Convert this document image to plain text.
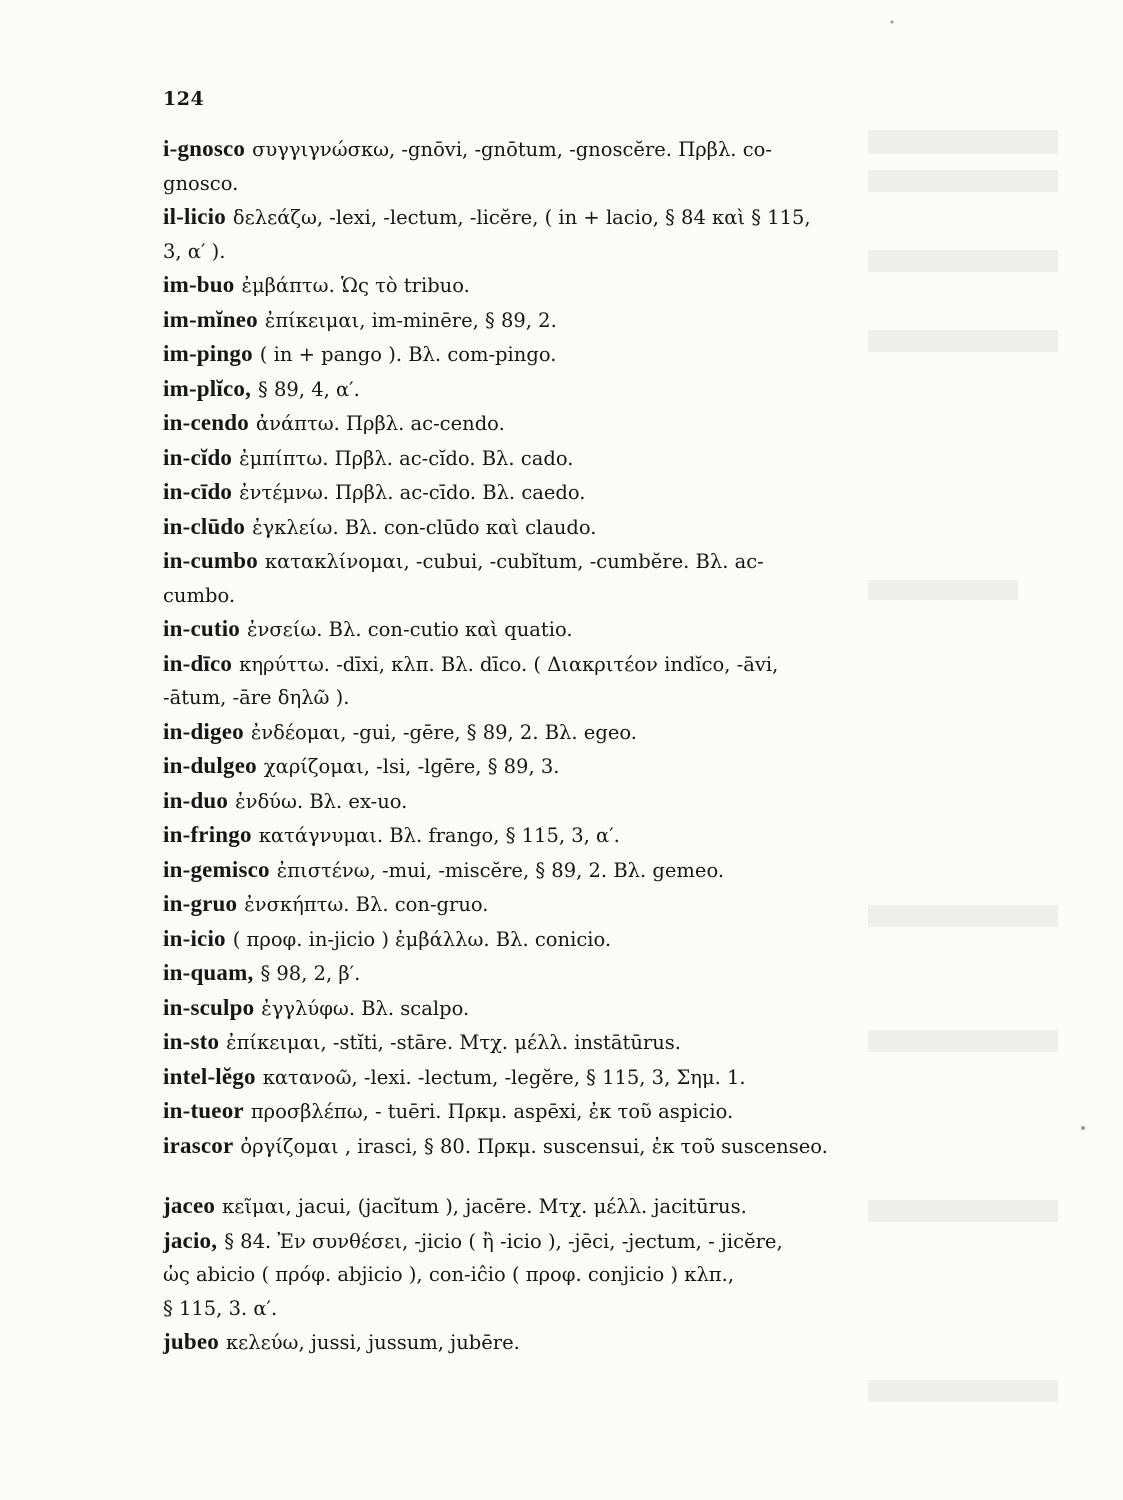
124
i-gnosco συγγιγνώσκω, -gnōvi, -gnōtum, -gnoscĕre. Πρβλ. co-
gnosco.
il-licio δελεάζω, -lexi, -lectum, -licĕre, ( in + lacio, § 84 καὶ § 115,
3, α′ ).
im-buo ἐμβάπτω. Ὡς τὸ tribuo.
im-mĭneo ἐπίκειμαι, im-minēre, § 89, 2.
im-pingo ( in + pango ). Βλ. com-pingo.
im-plĭco, § 89, 4, α′.
in-cendo ἀνάπτω. Πρβλ. ac-cendo.
in-cĭdo ἐμπίπτω. Πρβλ. ac-cĭdo. Βλ. cado.
in-cīdo ἐντέμνω. Πρβλ. ac-cīdo. Βλ. caedo.
in-clūdo ἐγκλείω. Βλ. con-clūdo καὶ claudo.
in-cumbo κατακλίνομαι, -cubui, -cubĭtum, -cumbĕre. Βλ. ac-
cumbo.
in-cutio ἐνσείω. Βλ. con-cutio καὶ quatio.
in-dīco κηρύττω. -dīxi, κλπ. Βλ. dīco. ( Διακριτέον indĭco, -āvi,
-ātum, -āre δηλῶ ).
in-digeo ἐνδέομαι, -gui, -gēre, § 89, 2. Βλ. egeo.
in-dulgeo χαρίζομαι, -lsi, -lgēre, § 89, 3.
in-duo ἐνδύω. Βλ. ex-uo.
in-fringo κατάγνυμαι. Βλ. frango, § 115, 3, α′.
in-gemisco ἐπιστένω, -mui, -miscĕre, § 89, 2. Βλ. gemeo.
in-gruo ἐνσκήπτω. Βλ. con-gruo.
in-icio ( προφ. in-jicio ) ἐμβάλλω. Βλ. conicio.
in-quam, § 98, 2, β′.
in-sculpo ἐγγλύφω. Βλ. scalpo.
in-sto ἐπίκειμαι, -stĭti, -stāre. Μτχ. μέλλ. instātūrus.
intel-lĕgo κατανοῶ, -lexi. -lectum, -legĕre, § 115, 3, Σημ. 1.
in-tueor προσβλέπω, - tuēri. Πρκμ. aspēxi, ἐκ τοῦ aspicio.
irascor ὀργίζομαι , irasci, § 80. Πρκμ. susсensui, ἐκ τοῦ suscenseo.
jaceo κεῖμαι, jacui, (jacĭtum ), jacēre. Μτχ. μέλλ. jacitūrus.
jacio, § 84. Ἐν συνθέσει, -jicio ( ἢ -icio ), -jēci, -jectum, - jicĕre,
ὡς abicio ( πρόφ. abjicio ), con-iĉio ( προφ. conjicio ) κλπ.,
§ 115, 3. α′.
jubeo κελεύω, jussi, jussum, jubēre.
